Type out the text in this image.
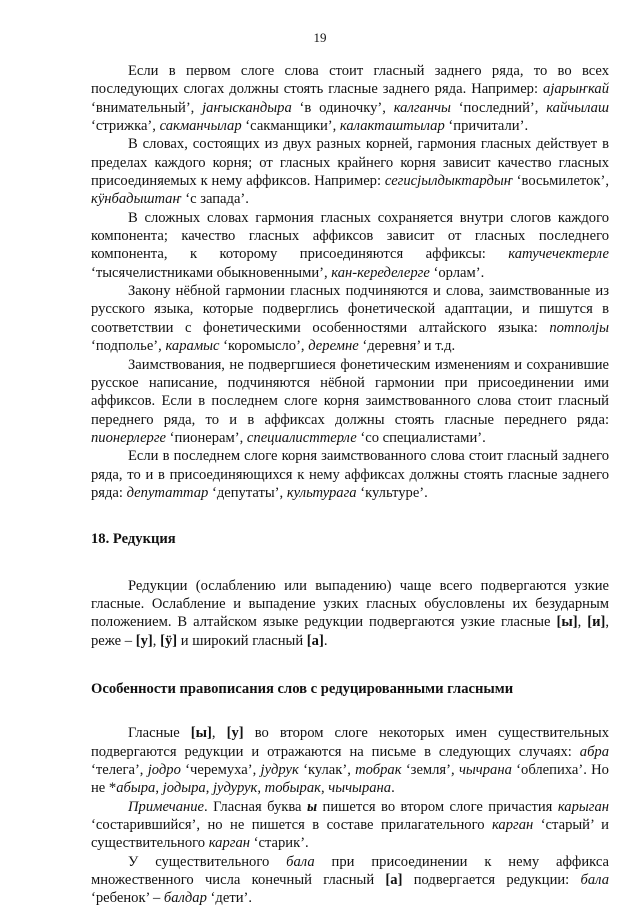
19

Если в первом слоге слова стоит гласный заднего ряда, то во всех последующих слогах должны стоять гласные заднего ряда. Например: ајарыҥкай ‘внимательный’, јаҥыскандыра ‘в одиночку’, калганчы ‘последний’, кайчылаш ‘стрижка’, сакманчылар ‘сакманщики’, калакташтылар ‘причитали’.

В словах, состоящих из двух разных корней, гармония гласных действует в пределах каждого корня; от гласных крайнего корня зависит качество гласных присоединяемых к нему аффиксов. Например: сегисјылдыктардыҥ ‘восьмилеток’, кӱнбадыштаҥ ‘с запада’.

В сложных словах гармония гласных сохраняется внутри слогов каждого компонента; качество гласных аффиксов зависит от гласных последнего компонента, к которому присоединяются аффиксы: катучечектерле ‘тысячелистниками обыкновенными’, кан-кеределерге ‘орлам’.

Закону нёбной гармонии гласных подчиняются и слова, заимствованные из русского языка, которые подверглись фонетической адаптации, и пишутся в соответствии с фонетическими особенностями алтайского языка: потполјы ‘подполье’, карамыс ‘коромысло’, деремне ‘деревня’ и т.д.

Заимствования, не подвергшиеся фонетическим изменениям и сохранившие русское написание, подчиняются нёбной гармонии при присоединении ими аффиксов. Если в последнем слоге корня заимствованного слова стоит гласный переднего ряда, то и в аффиксах должны стоять гласные переднего ряда: пионерлерге ‘пионерам’, специалисттерле ‘со специалистами’.

Если в последнем слоге корня заимствованного слова стоит гласный заднего ряда, то и в присоединяющихся к нему аффиксах должны стоять гласные заднего ряда: депутаттар ‘депутаты’, культурага ‘культуре’.

18. Редукция

Редукции (ослаблению или выпадению) чаще всего подвергаются узкие гласные. Ослабление и выпадение узких гласных обусловлены их безударным положением. В алтайском языке редукции подвергаются узкие гласные [ы], [и], реже – [у], [ӱ] и широкий гласный [а].

Особенности правописания слов с редуцированными гласными

Гласные [ы], [у] во втором слоге некоторых имен существительных подвергаются редукции и отражаются на письме в следующих случаях: абра ‘телега’, јодро ‘черемуха’, јудрук ‘кулак’, тобрак ‘земля’, чычрана ‘облепиха’. Но не *абыра, јодыра, јудурук, тобырак, чычырана.

Примечание. Гласная буква ы пишется во втором слоге причастия карыган ‘состарившийся’, но не пишется в составе прилагательного карган ‘старый’ и существительного карган ‘старик’.

У существительного бала при присоединении к нему аффикса множественного числа конечный гласный [а] подвергается редукции: бала ‘ребенок’ – балдар ‘дети’.
